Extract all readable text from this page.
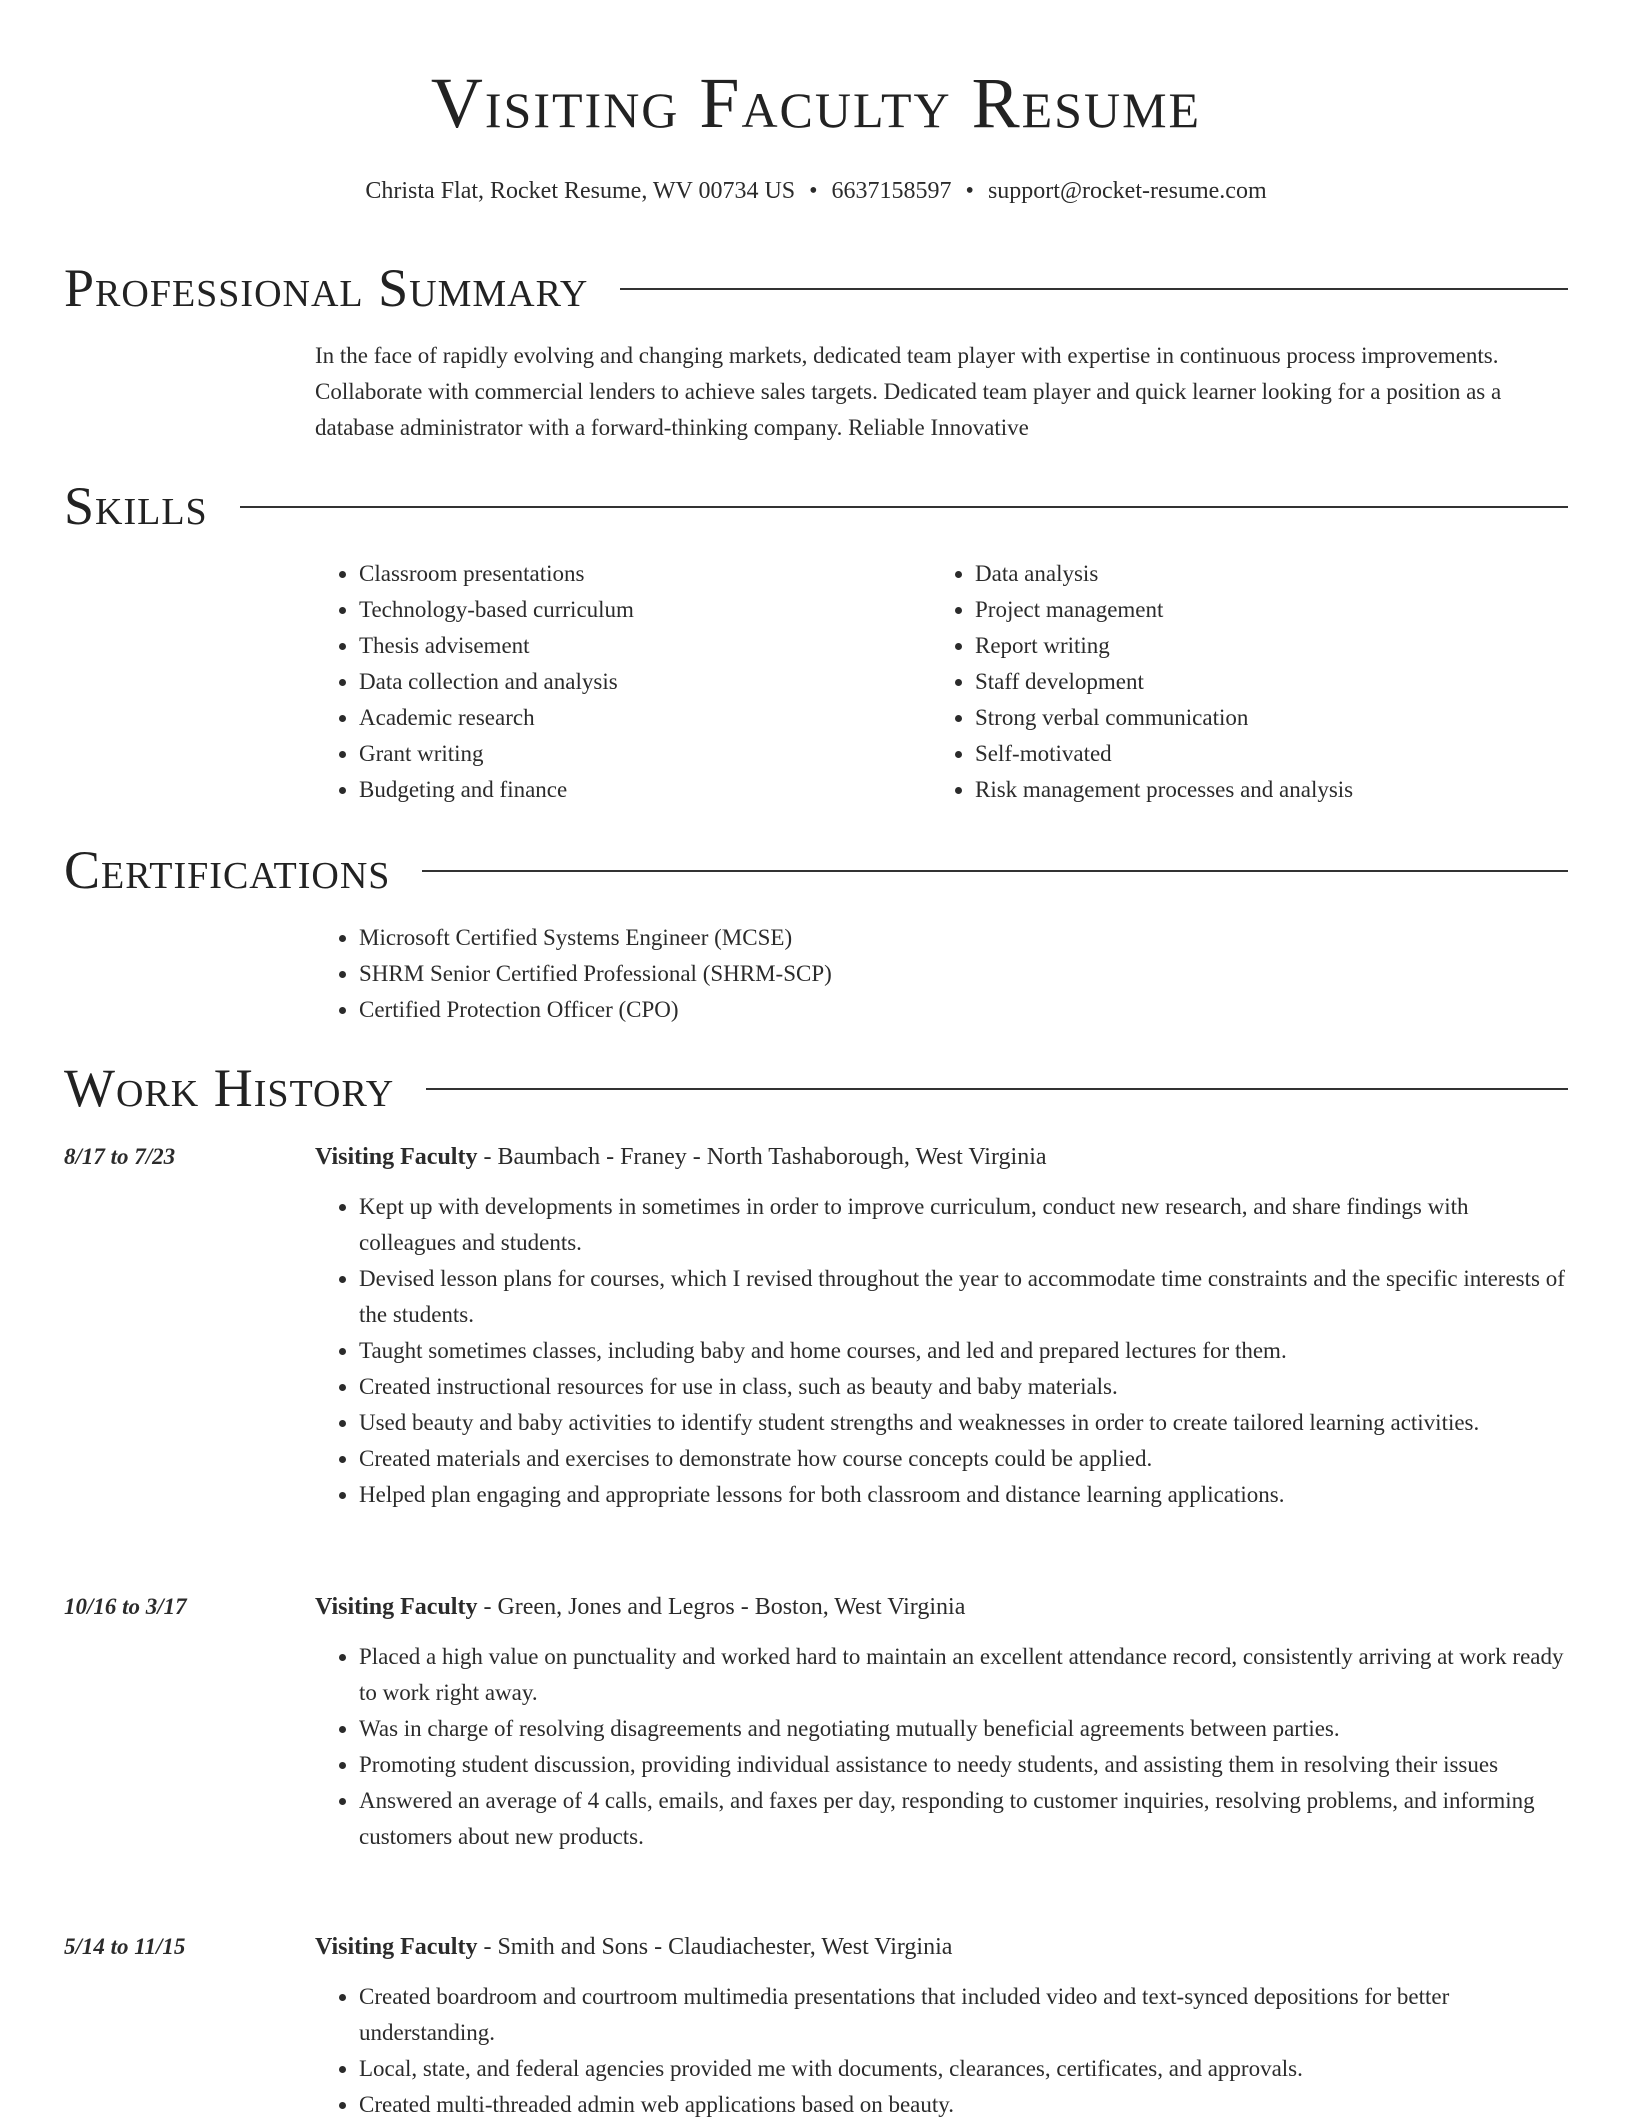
Visiting Faculty Resume
Christa Flat, Rocket Resume, WV 00734 US • 6637158597 • support@rocket-resume.com
Professional Summary
In the face of rapidly evolving and changing markets, dedicated team player with expertise in continuous process improvements. Collaborate with commercial lenders to achieve sales targets. Dedicated team player and quick learner looking for a position as a database administrator with a forward-thinking company. Reliable Innovative
Skills
• Classroom presentations
• Technology-based curriculum
• Thesis advisement
• Data collection and analysis
• Academic research
• Grant writing
• Budgeting and finance
• Data analysis
• Project management
• Report writing
• Staff development
• Strong verbal communication
• Self-motivated
• Risk management processes and analysis
Certifications
• Microsoft Certified Systems Engineer (MCSE)
• SHRM Senior Certified Professional (SHRM-SCP)
• Certified Protection Officer (CPO)
Work History
8/17 to 7/23	Visiting Faculty - Baumbach - Franey - North Tashaborough, West Virginia
• Kept up with developments in sometimes in order to improve curriculum, conduct new research, and share findings with colleagues and students.
• Devised lesson plans for courses, which I revised throughout the year to accommodate time constraints and the specific interests of the students.
• Taught sometimes classes, including baby and home courses, and led and prepared lectures for them.
• Created instructional resources for use in class, such as beauty and baby materials.
• Used beauty and baby activities to identify student strengths and weaknesses in order to create tailored learning activities.
• Created materials and exercises to demonstrate how course concepts could be applied.
• Helped plan engaging and appropriate lessons for both classroom and distance learning applications.
10/16 to 3/17	Visiting Faculty - Green, Jones and Legros - Boston, West Virginia
• Placed a high value on punctuality and worked hard to maintain an excellent attendance record, consistently arriving at work ready to work right away.
• Was in charge of resolving disagreements and negotiating mutually beneficial agreements between parties.
• Promoting student discussion, providing individual assistance to needy students, and assisting them in resolving their issues
• Answered an average of 4 calls, emails, and faxes per day, responding to customer inquiries, resolving problems, and informing customers about new products.
5/14 to 11/15	Visiting Faculty - Smith and Sons - Claudiachester, West Virginia
• Created boardroom and courtroom multimedia presentations that included video and text-synced depositions for better understanding.
• Local, state, and federal agencies provided me with documents, clearances, certificates, and approvals.
• Created multi-threaded admin web applications based on beauty.
